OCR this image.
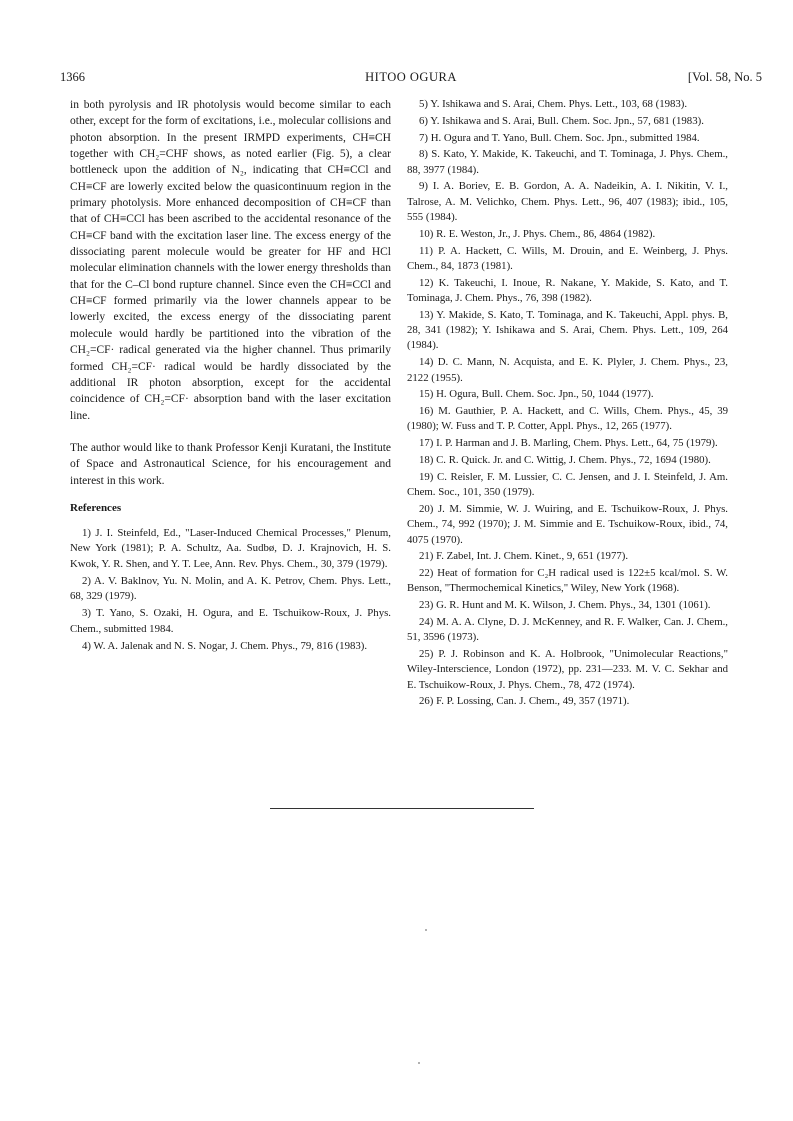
1366	HITOO OGURA	[Vol. 58, No. 5

in both pyrolysis and IR photolysis would become similar to each other, except for the form of excitations, i.e., molecular collisions and photon absorption. In the present IRMPD experiments, CH≡CH together with CH₂=CHF shows, as noted earlier (Fig. 5), a clear bottleneck upon the addition of N₂, indicating that CH≡CCl and CH≡CF are lowerly excited below the quasicontinuum region in the primary photolysis. More enhanced decomposition of CH≡CF than that of CH≡CCl has been ascribed to the accidental resonance of the CH≡CF band with the excitation laser line. The excess energy of the dissociating parent molecule would be greater for HF and HCl molecular elimination channels with the lower energy thresholds than that for the C–Cl bond rupture channel. Since even the CH≡CCl and CH≡CF formed primarily via the lower channels appear to be lowerly excited, the excess energy of the dissociating parent molecule would hardly be partitioned into the vibration of the CH₂=CF· radical generated via the higher channel. Thus primarily formed CH₂=CF· radical would be hardly dissociated by the additional IR photon absorption, except for the accidental coincidence of CH₂=CF· absorption band with the laser excitation line.

The author would like to thank Professor Kenji Kuratani, the Institute of Space and Astronautical Science, for his encouragement and interest in this work.

References

1) J. I. Steinfeld, Ed., "Laser-Induced Chemical Processes," Plenum, New York (1981); P. A. Schultz, Aa. Sudbø, D. J. Krajnovich, H. S. Kwok, Y. R. Shen, and Y. T. Lee, Ann. Rev. Phys. Chem., 30, 379 (1979).
2) A. V. Baklnov, Yu. N. Molin, and A. K. Petrov, Chem. Phys. Lett., 68, 329 (1979).
3) T. Yano, S. Ozaki, H. Ogura, and E. Tschuikow-Roux, J. Phys. Chem., submitted 1984.
4) W. A. Jalenak and N. S. Nogar, J. Chem. Phys., 79, 816 (1983).
5) Y. Ishikawa and S. Arai, Chem. Phys. Lett., 103, 68 (1983).
6) Y. Ishikawa and S. Arai, Bull. Chem. Soc. Jpn., 57, 681 (1983).
7) H. Ogura and T. Yano, Bull. Chem. Soc. Jpn., submitted 1984.
8) S. Kato, Y. Makide, K. Takeuchi, and T. Tominaga, J. Phys. Chem., 88, 3977 (1984).
9) I. A. Boriev, E. B. Gordon, A. A. Nadeikin, A. I. Nikitin, V. I., Talrose, A. M. Velichko, Chem. Phys. Lett., 96, 407 (1983); ibid., 105, 555 (1984).
10) R. E. Weston, Jr., J. Phys. Chem., 86, 4864 (1982).
11) P. A. Hackett, C. Wills, M. Drouin, and E. Weinberg, J. Phys. Chem., 84, 1873 (1981).
12) K. Takeuchi, I. Inoue, R. Nakane, Y. Makide, S. Kato, and T. Tominaga, J. Chem. Phys., 76, 398 (1982).
13) Y. Makide, S. Kato, T. Tominaga, and K. Takeuchi, Appl. phys. B, 28, 341 (1982); Y. Ishikawa and S. Arai, Chem. Phys. Lett., 109, 264 (1984).
14) D. C. Mann, N. Acquista, and E. K. Plyler, J. Chem. Phys., 23, 2122 (1955).
15) H. Ogura, Bull. Chem. Soc. Jpn., 50, 1044 (1977).
16) M. Gauthier, P. A. Hackett, and C. Wills, Chem. Phys., 45, 39 (1980); W. Fuss and T. P. Cotter, Appl. Phys., 12, 265 (1977).
17) I. P. Harman and J. B. Marling, Chem. Phys. Lett., 64, 75 (1979).
18) C. R. Quick. Jr. and C. Wittig, J. Chem. Phys., 72, 1694 (1980).
19) C. Reisler, F. M. Lussier, C. C. Jensen, and J. I. Steinfeld, J. Am. Chem. Soc., 101, 350 (1979).
20) J. M. Simmie, W. J. Wuiring, and E. Tschuikow-Roux, J. Phys. Chem., 74, 992 (1970); J. M. Simmie and E. Tschuikow-Roux, ibid., 74, 4075 (1970).
21) F. Zabel, Int. J. Chem. Kinet., 9, 651 (1977).
22) Heat of formation for C₂H radical used is 122±5 kcal/mol. S. W. Benson, "Thermochemical Kinetics," Wiley, New York (1968).
23) G. R. Hunt and M. K. Wilson, J. Chem. Phys., 34, 1301 (1061).
24) M. A. A. Clyne, D. J. McKenney, and R. F. Walker, Can. J. Chem., 51, 3596 (1973).
25) P. J. Robinson and K. A. Holbrook, "Unimolecular Reactions," Wiley-Interscience, London (1972), pp. 231—233. M. V. C. Sekhar and E. Tschuikow-Roux, J. Phys. Chem., 78, 472 (1974).
26) F. P. Lossing, Can. J. Chem., 49, 357 (1971).
